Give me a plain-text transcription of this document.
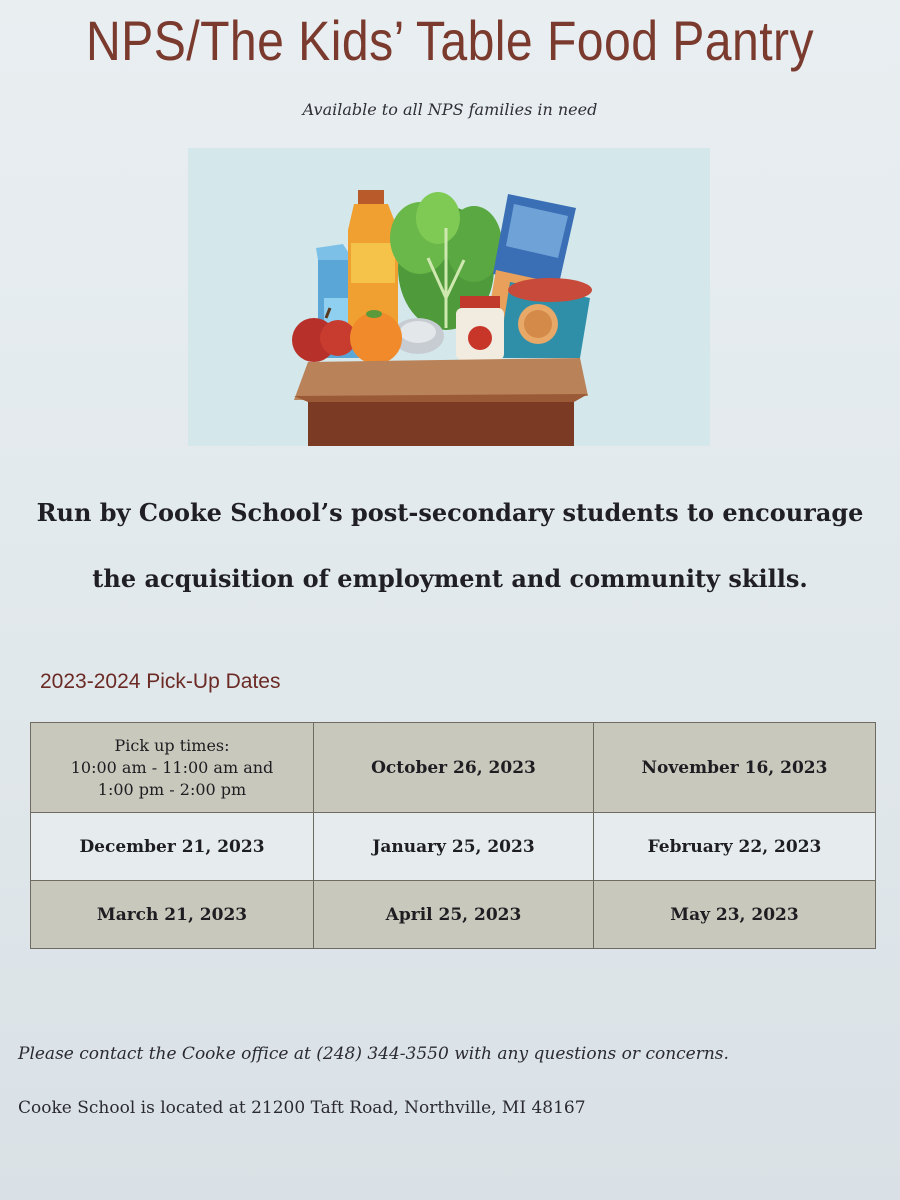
NPS/The Kids’ Table Food Pantry
Available to all NPS families in need
Run by Cooke School’s post-secondary students to encourage
the acquisition of employment and community skills.
2023-2024 Pick-Up Dates
Pick up times:
10:00 am - 11:00 am and
1:00 pm - 2:00 pm	October 26, 2023	November 16, 2023
December 21, 2023	January 25, 2023	February 22, 2023
March 21, 2023	April 25, 2023	May 23, 2023
Please contact the Cooke office at (248) 344-3550 with any questions or concerns.
Cooke School is located at 21200 Taft Road, Northville, MI 48167
